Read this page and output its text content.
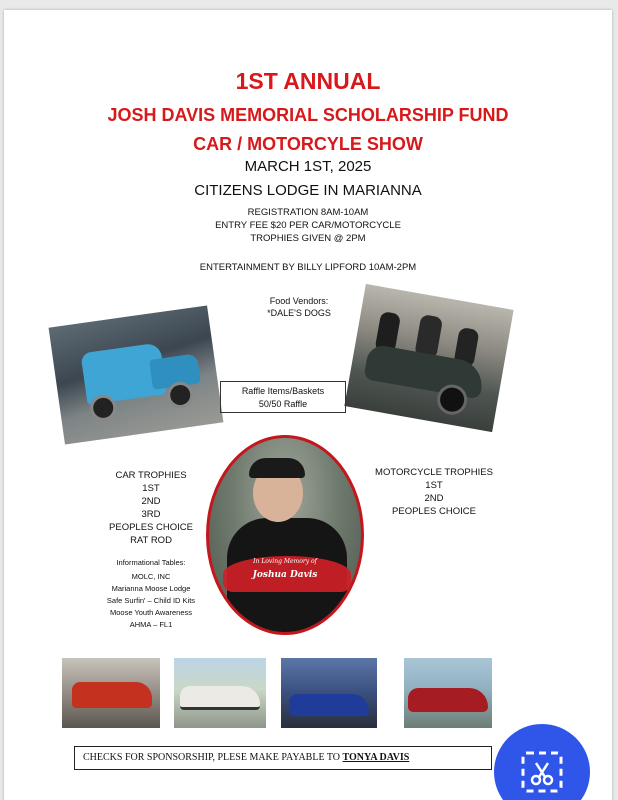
1ST ANNUAL
JOSH DAVIS MEMORIAL SCHOLARSHIP FUND
CAR / MOTORCYLE SHOW
MARCH 1ST, 2025
CITIZENS LODGE IN MARIANNA
REGISTRATION 8AM-10AM
ENTRY FEE $20 PER CAR/MOTORCYCLE
TROPHIES GIVEN @ 2PM
ENTERTAINMENT BY BILLY LIPFORD 10AM-2PM
Food Vendors:
*DALE'S DOGS
Raffle Items/Baskets
50/50 Raffle
CAR TROPHIES
1ST
2ND
3RD
PEOPLES CHOICE
RAT ROD
MOTORCYCLE TROPHIES
1ST
2ND
PEOPLES CHOICE
Informational Tables:
MOLC, INC
Marianna Moose Lodge
Safe Surfin' – Child ID Kits
Moose Youth Awareness
AHMA – FL1
In Loving Memory of
Joshua Davis
CHECKS FOR SPONSORSHIP, PLESE MAKE PAYABLE TO TONYA DAVIS
